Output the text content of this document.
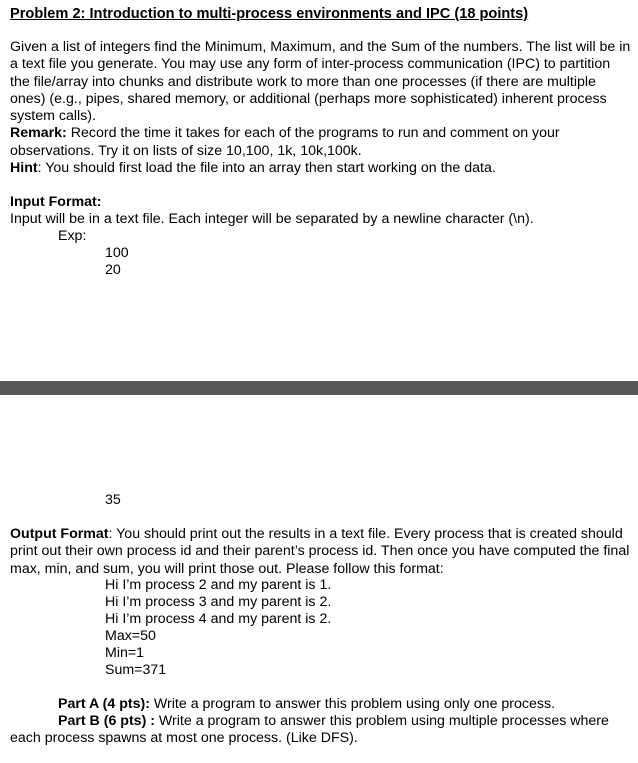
Problem 2: Introduction to multi-process environments and IPC (18 points)
Given a list of integers find the Minimum, Maximum, and the Sum of the numbers. The list will be in a text file you generate. You may use any form of inter-process communication (IPC) to partition the file/array into chunks and distribute work to more than one processes (if there are multiple ones) (e.g., pipes, shared memory, or additional (perhaps more sophisticated) inherent process system calls).
Remark: Record the time it takes for each of the programs to run and comment on your observations. Try it on lists of size 10,100, 1k, 10k,100k.
Hint: You should first load the file into an array then start working on the data.
Input Format:
Input will be in a text file. Each integer will be separated by a newline character (\n).
Exp:
100
20
35
Output Format: You should print out the results in a text file. Every process that is created should print out their own process id and their parent’s process id. Then once you have computed the final max, min, and sum, you will print those out. Please follow this format:
Hi I’m process 2 and my parent is 1.
Hi I’m process 3 and my parent is 2.
Hi I’m process 4 and my parent is 2.
Max=50
Min=1
Sum=371
Part A (4 pts): Write a program to answer this problem using only one process.
Part B (6 pts) : Write a program to answer this problem using multiple processes where
each process spawns at most one process. (Like DFS).
